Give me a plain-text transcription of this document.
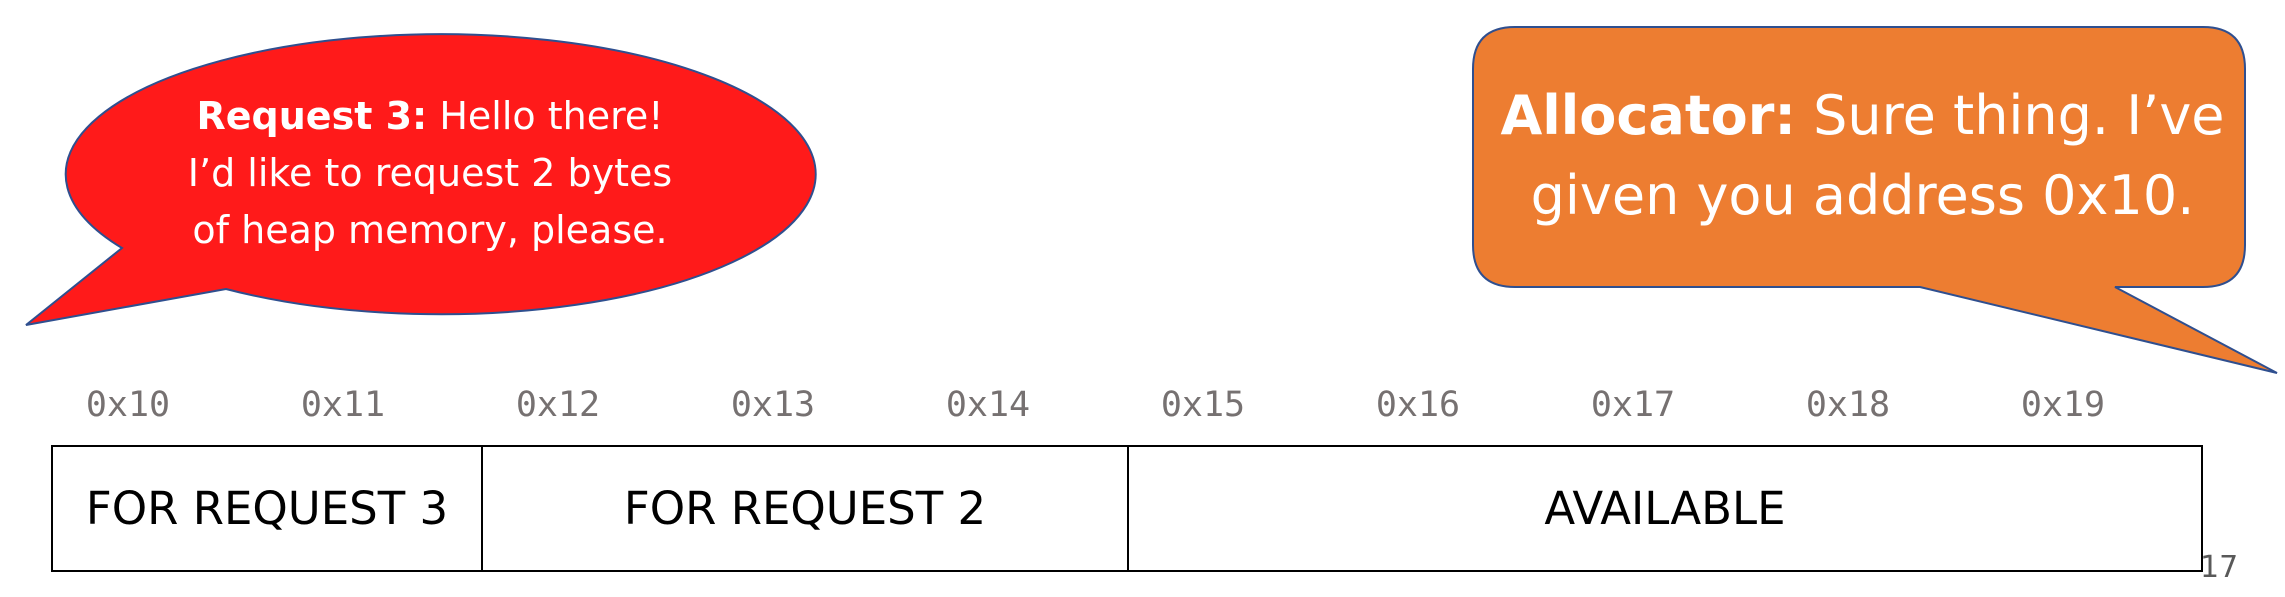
Request 3: Hello there!
I’d like to request 2 bytes
of heap memory, please.
Allocator: Sure thing. I’ve
given you address 0x10.
0x10	0x11	0x12	0x13	0x14	0x15	0x16	0x17	0x18	0x19
FOR REQUEST 3	FOR REQUEST 2	AVAILABLE
17
